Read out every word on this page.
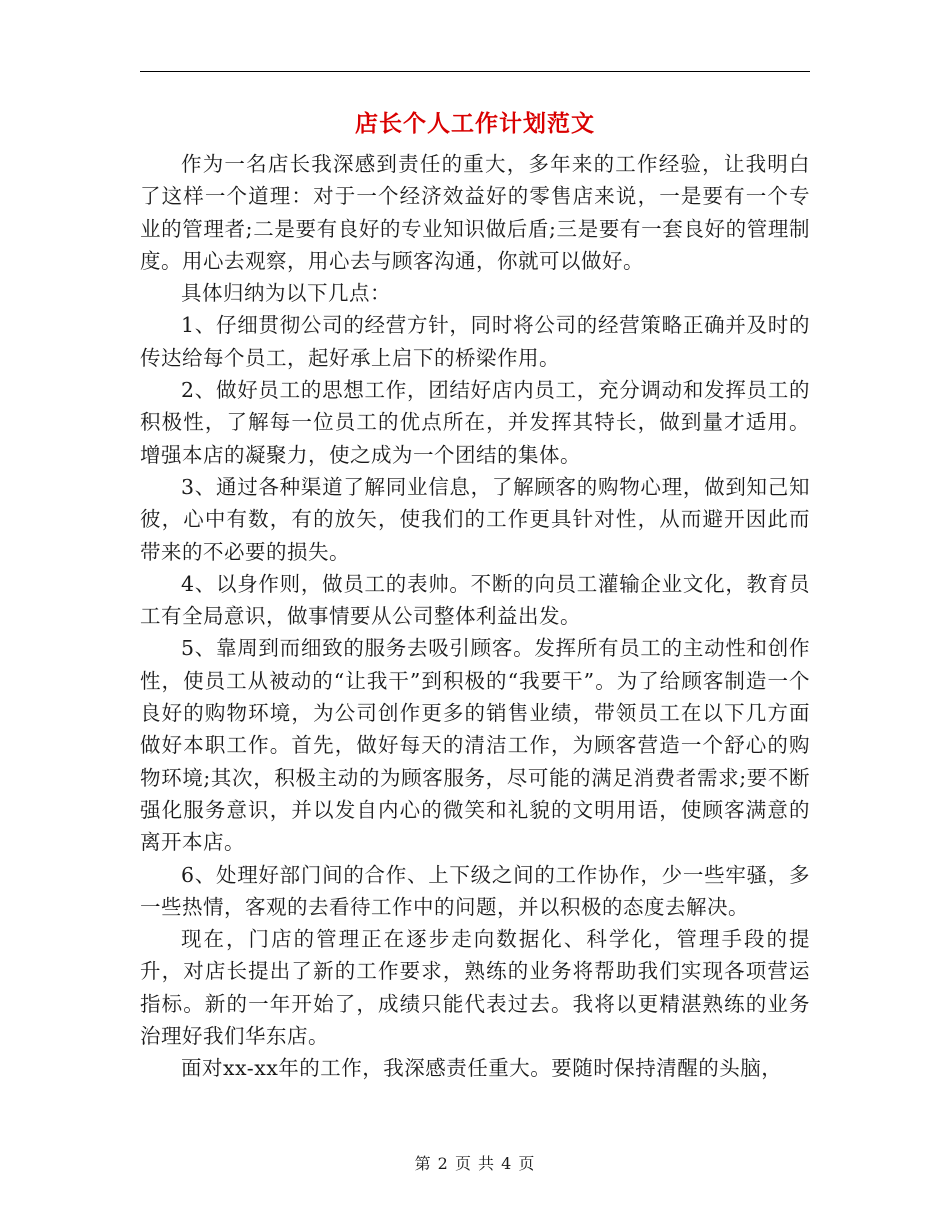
店长个人工作计划范文

作为一名店长我深感到责任的重大，多年来的工作经验，让我明白了这样一个道理：对于一个经济效益好的零售店来说，一是要有一个专业的管理者;二是要有良好的专业知识做后盾;三是要有一套良好的管理制度。用心去观察，用心去与顾客沟通，你就可以做好。

具体归纳为以下几点：

1、仔细贯彻公司的经营方针，同时将公司的经营策略正确并及时的传达给每个员工，起好承上启下的桥梁作用。

2、做好员工的思想工作，团结好店内员工，充分调动和发挥员工的积极性，了解每一位员工的优点所在，并发挥其特长，做到量才适用。增强本店的凝聚力，使之成为一个团结的集体。

3、通过各种渠道了解同业信息，了解顾客的购物心理，做到知己知彼，心中有数，有的放矢，使我们的工作更具针对性，从而避开因此而带来的不必要的损失。

4、以身作则，做员工的表帅。不断的向员工灌输企业文化，教育员工有全局意识，做事情要从公司整体利益出发。

5、靠周到而细致的服务去吸引顾客。发挥所有员工的主动性和创作性，使员工从被动的“让我干”到积极的“我要干”。为了给顾客制造一个良好的购物环境，为公司创作更多的销售业绩，带领员工在以下几方面做好本职工作。首先，做好每天的清洁工作，为顾客营造一个舒心的购物环境;其次，积极主动的为顾客服务，尽可能的满足消费者需求;要不断强化服务意识，并以发自内心的微笑和礼貌的文明用语，使顾客满意的离开本店。

6、处理好部门间的合作、上下级之间的工作协作，少一些牢骚，多一些热情，客观的去看待工作中的问题，并以积极的态度去解决。

现在，门店的管理正在逐步走向数据化、科学化，管理手段的提升，对店长提出了新的工作要求，熟练的业务将帮助我们实现各项营运指标。新的一年开始了，成绩只能代表过去。我将以更精湛熟练的业务治理好我们华东店。

面对xx-xx年的工作，我深感责任重大。要随时保持清醒的头脑，

第 2 页 共 4 页
